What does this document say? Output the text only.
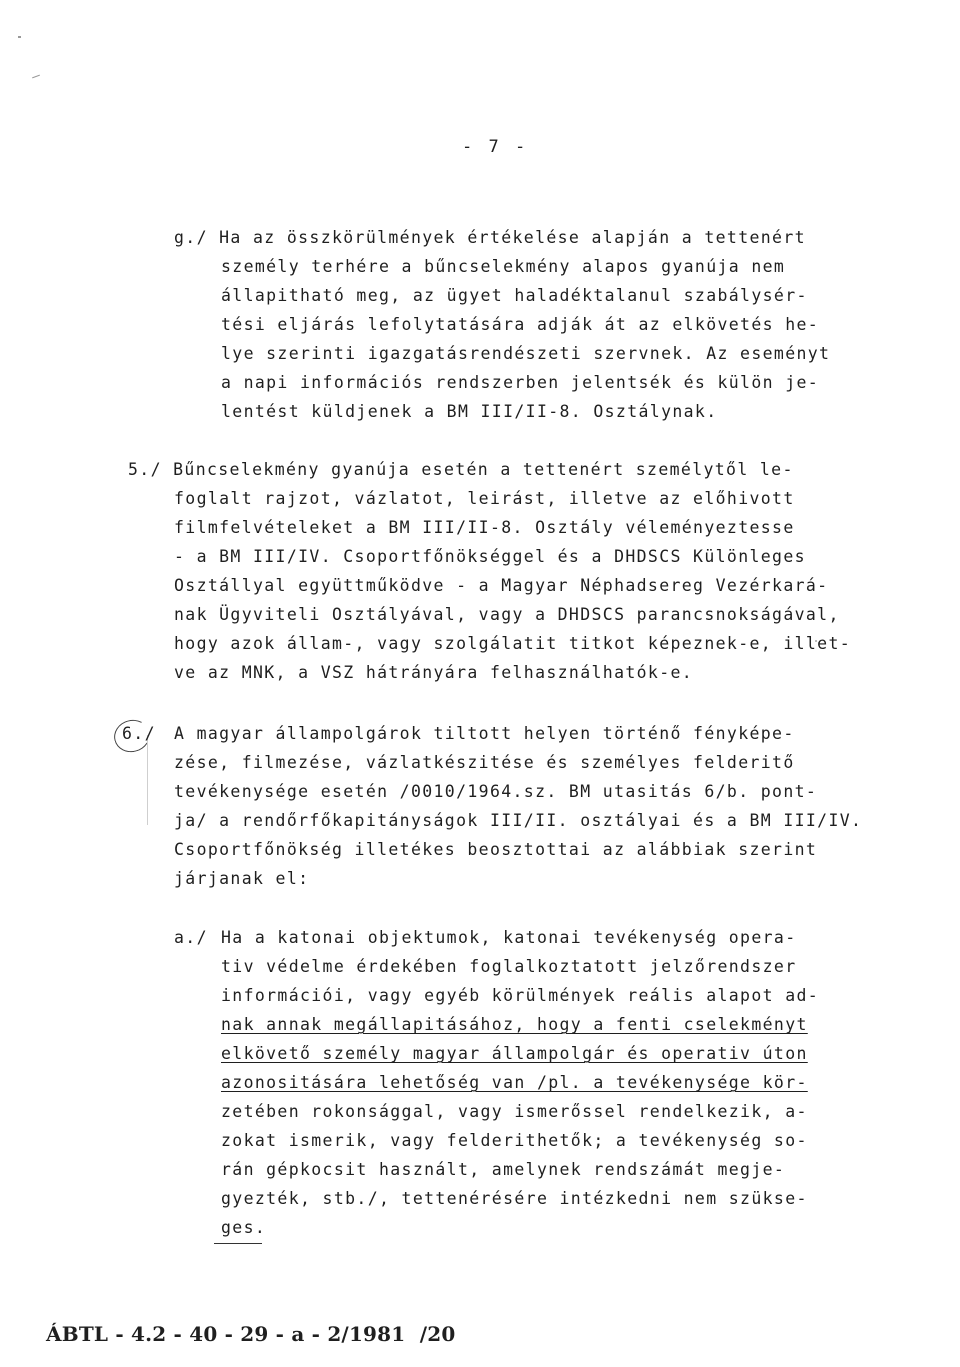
- 7 -
g./ Ha az összkörülmények értékelése alapján a tettenért
személy terhére a bűncselekmény alapos gyanúja nem
állapitható meg, az ügyet haladéktalanul szabálysér-
tési eljárás lefolytatására adják át az elkövetés he-
lye szerinti igazgatásrendészeti szervnek. Az eseményt
a napi információs rendszerben jelentsék és külön je-
lentést küldjenek a BM III/II-8. Osztálynak.
5./ Bűncselekmény gyanúja esetén a tettenért személytől le-
foglalt rajzot, vázlatot, leirást, illetve az előhivott
filmfelvételeket a BM III/II-8. Osztály véleményeztesse
- a BM III/IV. Csoportfőnökséggel és a DHDSCS Különleges
Osztállyal együttműködve - a Magyar Néphadsereg Vezérkará-
nak Ügyviteli Osztályával, vagy a DHDSCS parancsnokságával,
hogy azok állam-, vagy szolgálatit titkot képeznek-e, illet-
ve az MNK, a VSZ hátrányára felhasználhatók-e.
6./ A magyar állampolgárok tiltott helyen történő fényképe-
zése, filmezése, vázlatkészitése és személyes felderitő
tevékenysége esetén /0010/1964.sz. BM utasitás 6/b. pont-
ja/ a rendőrfőkapitányságok III/II. osztályai és a BM III/IV.
Csoportfőnökség illetékes beosztottai az alábbiak szerint
járjanak el:
a./ Ha a katonai objektumok, katonai tevékenység opera-
tiv védelme érdekében foglalkoztatott jelzőrendszer
információi, vagy egyéb körülmények reális alapot ad-
nak annak megállapitásához, hogy a fenti cselekményt
elkövető személy magyar állampolgár és operativ úton
azonositására lehetőség van /pl. a tevékenysége kör-
zetében rokonsággal, vagy ismerőssel rendelkezik, a-
zokat ismerik, vagy felderithetők; a tevékenység so-
rán gépkocsit használt, amelynek rendszámát megje-
gyezték, stb./, tettenérésére intézkedni nem szükse-
ges.
ÁBTL - 4.2 - 40 - 29 - a - 2/1981  /20
